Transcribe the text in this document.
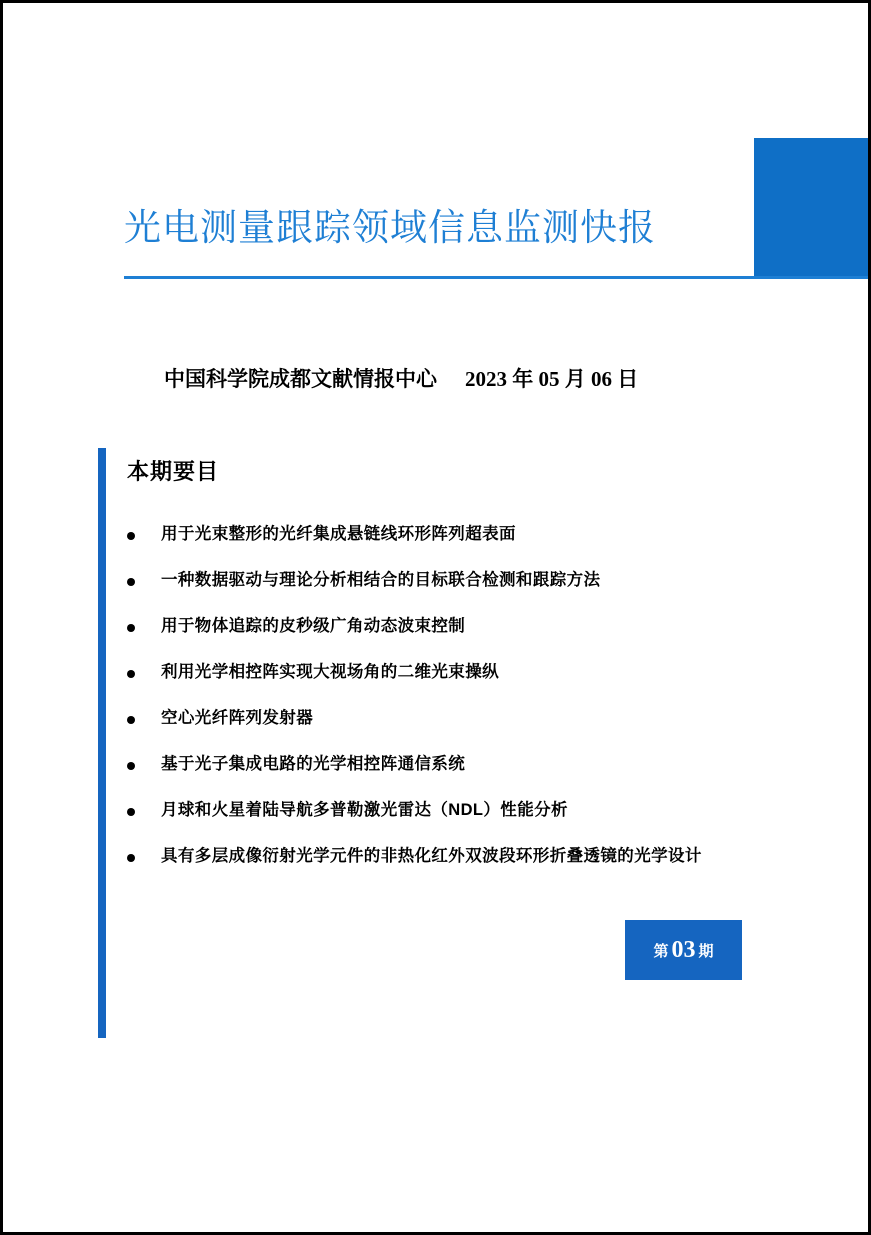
光电测量跟踪领域信息监测快报
中国科学院成都文献情报中心 2023 年 05 月 06 日
本期要目
用于光束整形的光纤集成悬链线环形阵列超表面
一种数据驱动与理论分析相结合的目标联合检测和跟踪方法
用于物体追踪的皮秒级广角动态波束控制
利用光学相控阵实现大视场角的二维光束操纵
空心光纤阵列发射器
基于光子集成电路的光学相控阵通信系统
月球和火星着陆导航多普勒激光雷达（NDL）性能分析
具有多层成像衍射光学元件的非热化红外双波段环形折叠透镜的光学设计
第 03 期
